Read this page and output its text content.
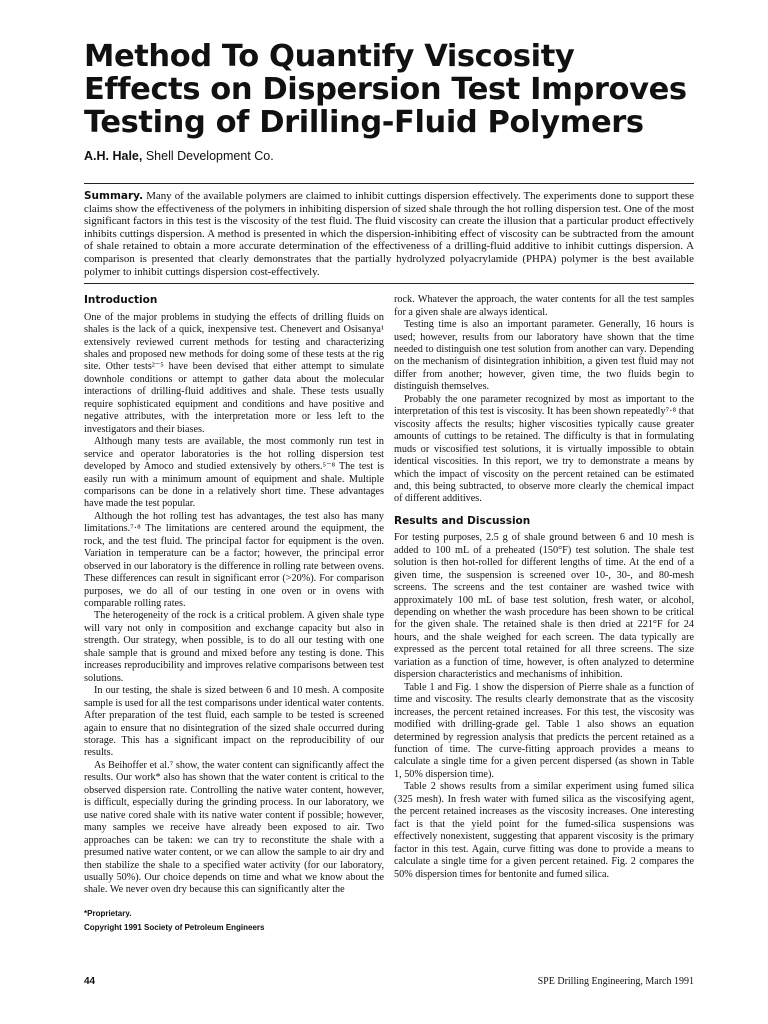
Method To Quantify Viscosity Effects on Dispersion Test Improves Testing of Drilling-Fluid Polymers
A.H. Hale, Shell Development Co.
Summary. Many of the available polymers are claimed to inhibit cuttings dispersion effectively. The experiments done to support these claims show the effectiveness of the polymers in inhibiting dispersion of sized shale through the hot rolling dispersion test. One of the most significant factors in this test is the viscosity of the test fluid. The fluid viscosity can create the illusion that a particular product effectively inhibits cuttings dispersion. A method is presented in which the dispersion-inhibiting effect of viscosity can be subtracted from the amount of shale retained to obtain a more accurate determination of the effectiveness of a drilling-fluid additive to inhibit cuttings dispersion. A comparison is presented that clearly demonstrates that the partially hydrolyzed polyacrylamide (PHPA) polymer is the best available polymer to inhibit cuttings dispersion cost-effectively.
Introduction

One of the major problems in studying the effects of drilling fluids on shales is the lack of a quick, inexpensive test. Chenevert and Osisanya¹ extensively reviewed current methods for testing and characterizing shales and proposed new methods for doing some of these tests at the rig site. Other tests²⁻⁵ have been devised that either attempt to simulate downhole conditions or attempt to gather data about the molecular interactions of drilling-fluid additives and shale. These tests usually require sophisticated equipment and conditions and have positive and negative attributes, with the interpretation more or less left to the investigators and their biases.

Although many tests are available, the most commonly run test in service and operator laboratories is the hot rolling dispersion test developed by Amoco and studied extensively by others.⁵⁻⁸ The test is easily run with a minimum amount of equipment and shale. Multiple comparisons can be done in a relatively short time. These advantages have made the test popular.

Although the hot rolling test has advantages, the test also has many limitations.⁷·⁸ The limitations are centered around the equipment, the rock, and the test fluid. The principal factor for equipment is the oven. Variation in temperature can be a factor; however, the principal error observed in our laboratory is the difference in rolling rate between ovens. These differences can result in significant error (>20%). For comparison purposes, we do all of our testing in one oven or in ovens with comparable rolling rates.

The heterogeneity of the rock is a critical problem. A given shale type will vary not only in composition and exchange capacity but also in strength. Our strategy, when possible, is to do all our testing with one shale sample that is ground and mixed before any testing is done. This increases reproducibility and improves relative comparisons between test solutions.

In our testing, the shale is sized between 6 and 10 mesh. A composite sample is used for all the test comparisons under identical water contents. After preparation of the test fluid, each sample to be tested is screened again to ensure that no disintegration of the sized shale occurred during storage. This has a significant impact on the reproducibility of our results.

As Beihoffer et al.⁷ show, the water content can significantly affect the results. Our work* also has shown that the water content is critical to the observed dispersion rate. Controlling the native water content, however, is difficult, especially during the grinding process. In our laboratory, we use native cored shale with its native water content if possible; however, many samples we receive have already been exposed to air. Two approaches can be taken: we can try to reconstitute the shale with a presumed native water content, or we can allow the sample to air dry and then stabilize the shale to a specified water activity (for our laboratory, usually 50%). Our choice depends on time and what we know about the shale. We never oven dry because this can significantly alter the

*Proprietary.
Copyright 1991 Society of Petroleum Engineers

rock. Whatever the approach, the water contents for all the test samples for a given shale are always identical.

Testing time is also an important parameter. Generally, 16 hours is used; however, results from our laboratory have shown that the time needed to distinguish one test solution from another can vary. Depending on the mechanism of disintegration inhibition, a given test fluid may not differ from another; however, given time, the two fluids begin to distinguish themselves.

Probably the one parameter recognized by most as important to the interpretation of this test is viscosity. It has been shown repeatedly⁷·⁸ that viscosity affects the results; higher viscosities typically cause greater amounts of cuttings to be retained. The difficulty is that in formulating muds or viscosified test solutions, it is virtually impossible to obtain identical viscosities. In this report, we try to demonstrate a means by which the impact of viscosity on the percent retained can be estimated and, this being subtracted, to observe more clearly the chemical impact of different additives.

Results and Discussion

For testing purposes, 2.5 g of shale ground between 6 and 10 mesh is added to 100 mL of a preheated (150°F) test solution. The shale test solution is then hot-rolled for different lengths of time. At the end of a given time, the suspension is screened over 10-, 30-, and 80-mesh screens. The screens and the test container are washed twice with approximately 100 mL of base test solution, fresh water, or alcohol, depending on whether the wash procedure has been shown to be critical for the given shale. The retained shale is then dried at 221°F for 24 hours, and the shale weighed for each screen. The data typically are expressed as the percent total retained for all three screens. The size variation as a function of time, however, is often analyzed to determine dispersion characteristics and mechanisms of inhibition.

Table 1 and Fig. 1 show the dispersion of Pierre shale as a function of time and viscosity. The results clearly demonstrate that as the viscosity increases, the percent retained increases. For this test, the viscosity was modified with drilling-grade gel. Table 1 also shows an equation determined by regression analysis that predicts the percent retained as a function of time. The curve-fitting approach provides a means to calculate a single time for a given percent dispersed (as shown in Table 1, 50% dispersion time).

Table 2 shows results from a similar experiment using fumed silica (325 mesh). In fresh water with fumed silica as the viscosifying agent, the percent retained increases as the viscosity increases. One interesting fact is that the yield point for the fumed-silica suspensions was effectively nonexistent, suggesting that apparent viscosity is the primary factor in this test. Again, curve fitting was done to provide a means to calculate a single time for a given percent retained. Fig. 2 compares the 50% dispersion times for bentonite and fumed silica.

44	SPE Drilling Engineering, March 1991
